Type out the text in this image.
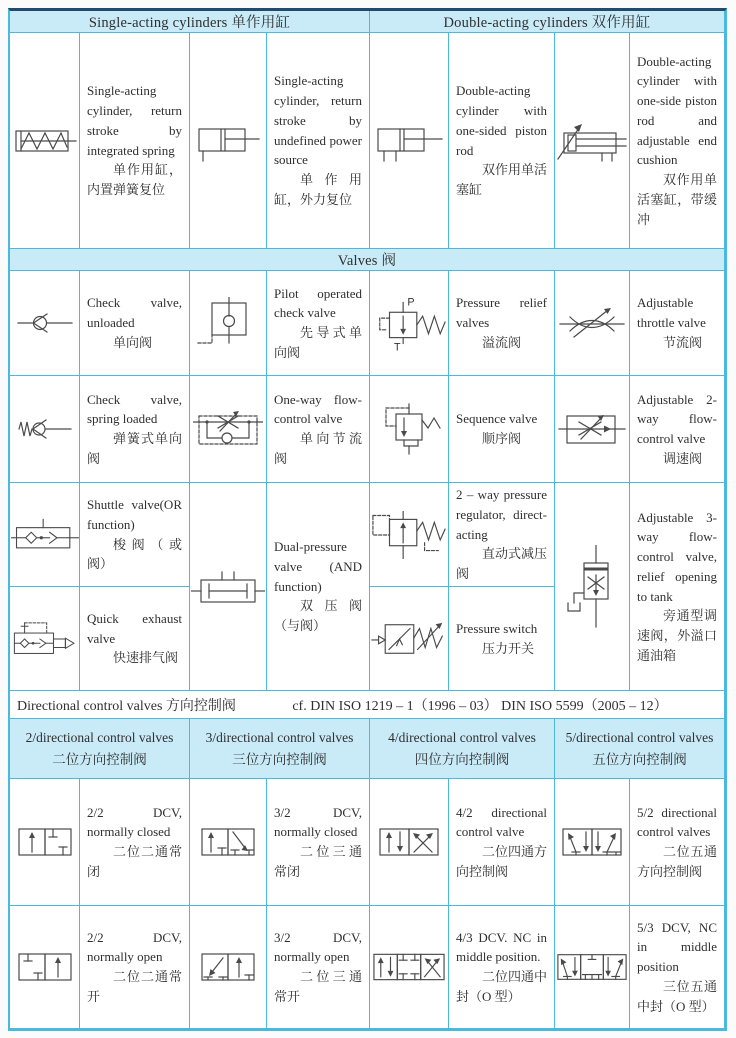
Single-acting cylinders 单作用缸	Double-acting cylinders 双作用缸
Single-acting cylinder, return stroke by integrated spring
单作用缸，内置弹簧复位
Single-acting cylinder, return stroke by undefined power source
单作用缸，外力复位
Double-acting cylinder with one-sided piston rod
双作用单活塞缸
Double-acting cylinder with one-side piston rod and adjustable end cushion
双作用单活塞缸，带缓冲
Valves 阀
Check valve, unloaded
单向阀
Pilot operated check valve
先导式单向阀
P
T
Pressure relief valves
溢流阀
Adjustable throttle valve
节流阀
Check valve, spring loaded
弹簧式单向阀
One-way flow-control valve
单向节流阀
Sequence valve
顺序阀
Adjustable 2-way flow-control valve
调速阀
Shuttle valve(OR function)
梭阀（或阀）
Dual-pressure valve (AND function)
双压阀（与阀）
2 – way pressure regulator, direct-acting
直动式减压阀
Adjustable 3-way flow-control valve, relief opening to tank
旁通型调速阀，外溢口通油箱
Quick exhaust valve
快速排气阀
Pressure switch
压力开关
Directional control valves 方向控制阀	cf. DIN ISO 1219 – 1（1996 – 03） DIN ISO 5599（2005 – 12）
2/directional control valves
二位方向控制阀
3/directional control valves
三位方向控制阀
4/directional control valves
四位方向控制阀
5/directional control valves
五位方向控制阀
2/2 DCV, normally closed
二位二通常闭
3/2 DCV, normally closed
二位三通常闭
4/2 directional control valve
二位四通方向控制阀
5/2 directional control valves
二位五通方向控制阀
2/2 DCV, normally open
二位二通常开
3/2 DCV, normally open
二位三通常开
4/3 DCV. NC in middle position.
二位四通中封（O 型）
5/3 DCV, NC in middle position
三位五通中封（O 型）
